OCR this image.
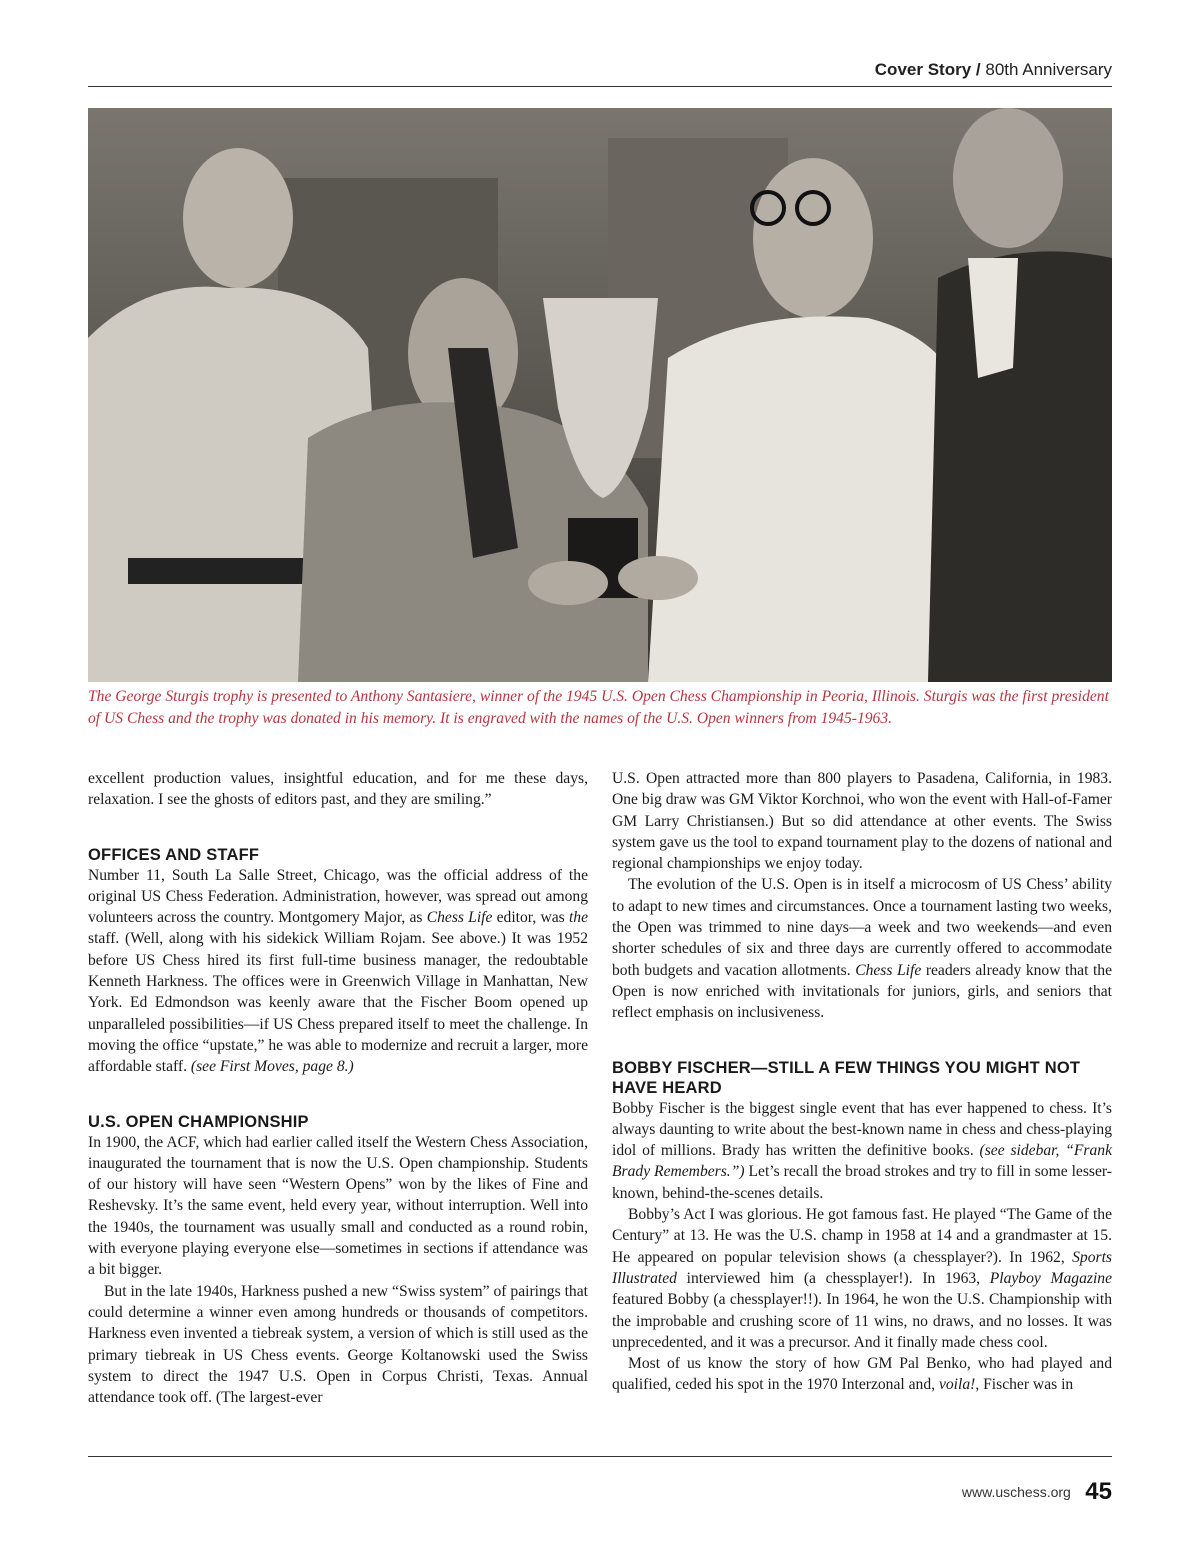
Cover Story / 80th Anniversary
The George Sturgis trophy is presented to Anthony Santasiere, winner of the 1945 U.S. Open Chess Championship in Peoria, Illinois. Sturgis was the first president of US Chess and the trophy was donated in his memory. It is engraved with the names of the U.S. Open winners from 1945-1963.

excellent production values, insightful education, and for me these days, relaxation. I see the ghosts of editors past, and they are smiling.”

OFFICES AND STAFF

Number 11, South La Salle Street, Chicago, was the official address of the original US Chess Federation. Administration, however, was spread out among volunteers across the country. Montgomery Major, as Chess Life editor, was the staff. (Well, along with his sidekick William Rojam. See above.) It was 1952 before US Chess hired its first full-time business manager, the redoubtable Kenneth Harkness. The offices were in Greenwich Village in Manhattan, New York. Ed Edmondson was keenly aware that the Fischer Boom opened up unparalleled possibilities—if US Chess prepared itself to meet the challenge. In moving the office “upstate,” he was able to modernize and recruit a larger, more affordable staff. (see First Moves, page 8.)

U.S. OPEN CHAMPIONSHIP

In 1900, the ACF, which had earlier called itself the Western Chess Association, inaugurated the tournament that is now the U.S. Open championship. Students of our history will have seen “Western Opens” won by the likes of Fine and Reshevsky. It’s the same event, held every year, without interruption. Well into the 1940s, the tournament was usually small and conducted as a round robin, with everyone playing everyone else—sometimes in sections if attendance was a bit bigger.

But in the late 1940s, Harkness pushed a new “Swiss system” of pairings that could determine a winner even among hundreds or thousands of competitors. Harkness even invented a tiebreak system, a version of which is still used as the primary tiebreak in US Chess events. George Koltanowski used the Swiss system to direct the 1947 U.S. Open in Corpus Christi, Texas. Annual attendance took off. (The largest-ever

U.S. Open attracted more than 800 players to Pasadena, California, in 1983. One big draw was GM Viktor Korchnoi, who won the event with Hall-of-Famer GM Larry Christiansen.) But so did attendance at other events. The Swiss system gave us the tool to expand tournament play to the dozens of national and regional championships we enjoy today.

The evolution of the U.S. Open is in itself a microcosm of US Chess’ ability to adapt to new times and circumstances. Once a tournament lasting two weeks, the Open was trimmed to nine days—a week and two weekends—and even shorter schedules of six and three days are currently offered to accommodate both budgets and vacation allotments. Chess Life readers already know that the Open is now enriched with invitationals for juniors, girls, and seniors that reflect emphasis on inclusiveness.

BOBBY FISCHER—STILL A FEW THINGS YOU MIGHT NOT HAVE HEARD

Bobby Fischer is the biggest single event that has ever happened to chess. It’s always daunting to write about the best-known name in chess and chess-playing idol of millions. Brady has written the definitive books. (see sidebar, “Frank Brady Remembers.”) Let’s recall the broad strokes and try to fill in some lesser-known, behind-the-scenes details.

Bobby’s Act I was glorious. He got famous fast. He played “The Game of the Century” at 13. He was the U.S. champ in 1958 at 14 and a grandmaster at 15. He appeared on popular television shows (a chessplayer?). In 1962, Sports Illustrated interviewed him (a chessplayer!). In 1963, Playboy Magazine featured Bobby (a chessplayer!!). In 1964, he won the U.S. Championship with the improbable and crushing score of 11 wins, no draws, and no losses. It was unprecedented, and it was a precursor. And it finally made chess cool.

Most of us know the story of how GM Pal Benko, who had played and qualified, ceded his spot in the 1970 Interzonal and, voila!, Fischer was in

www.uschess.org 45
